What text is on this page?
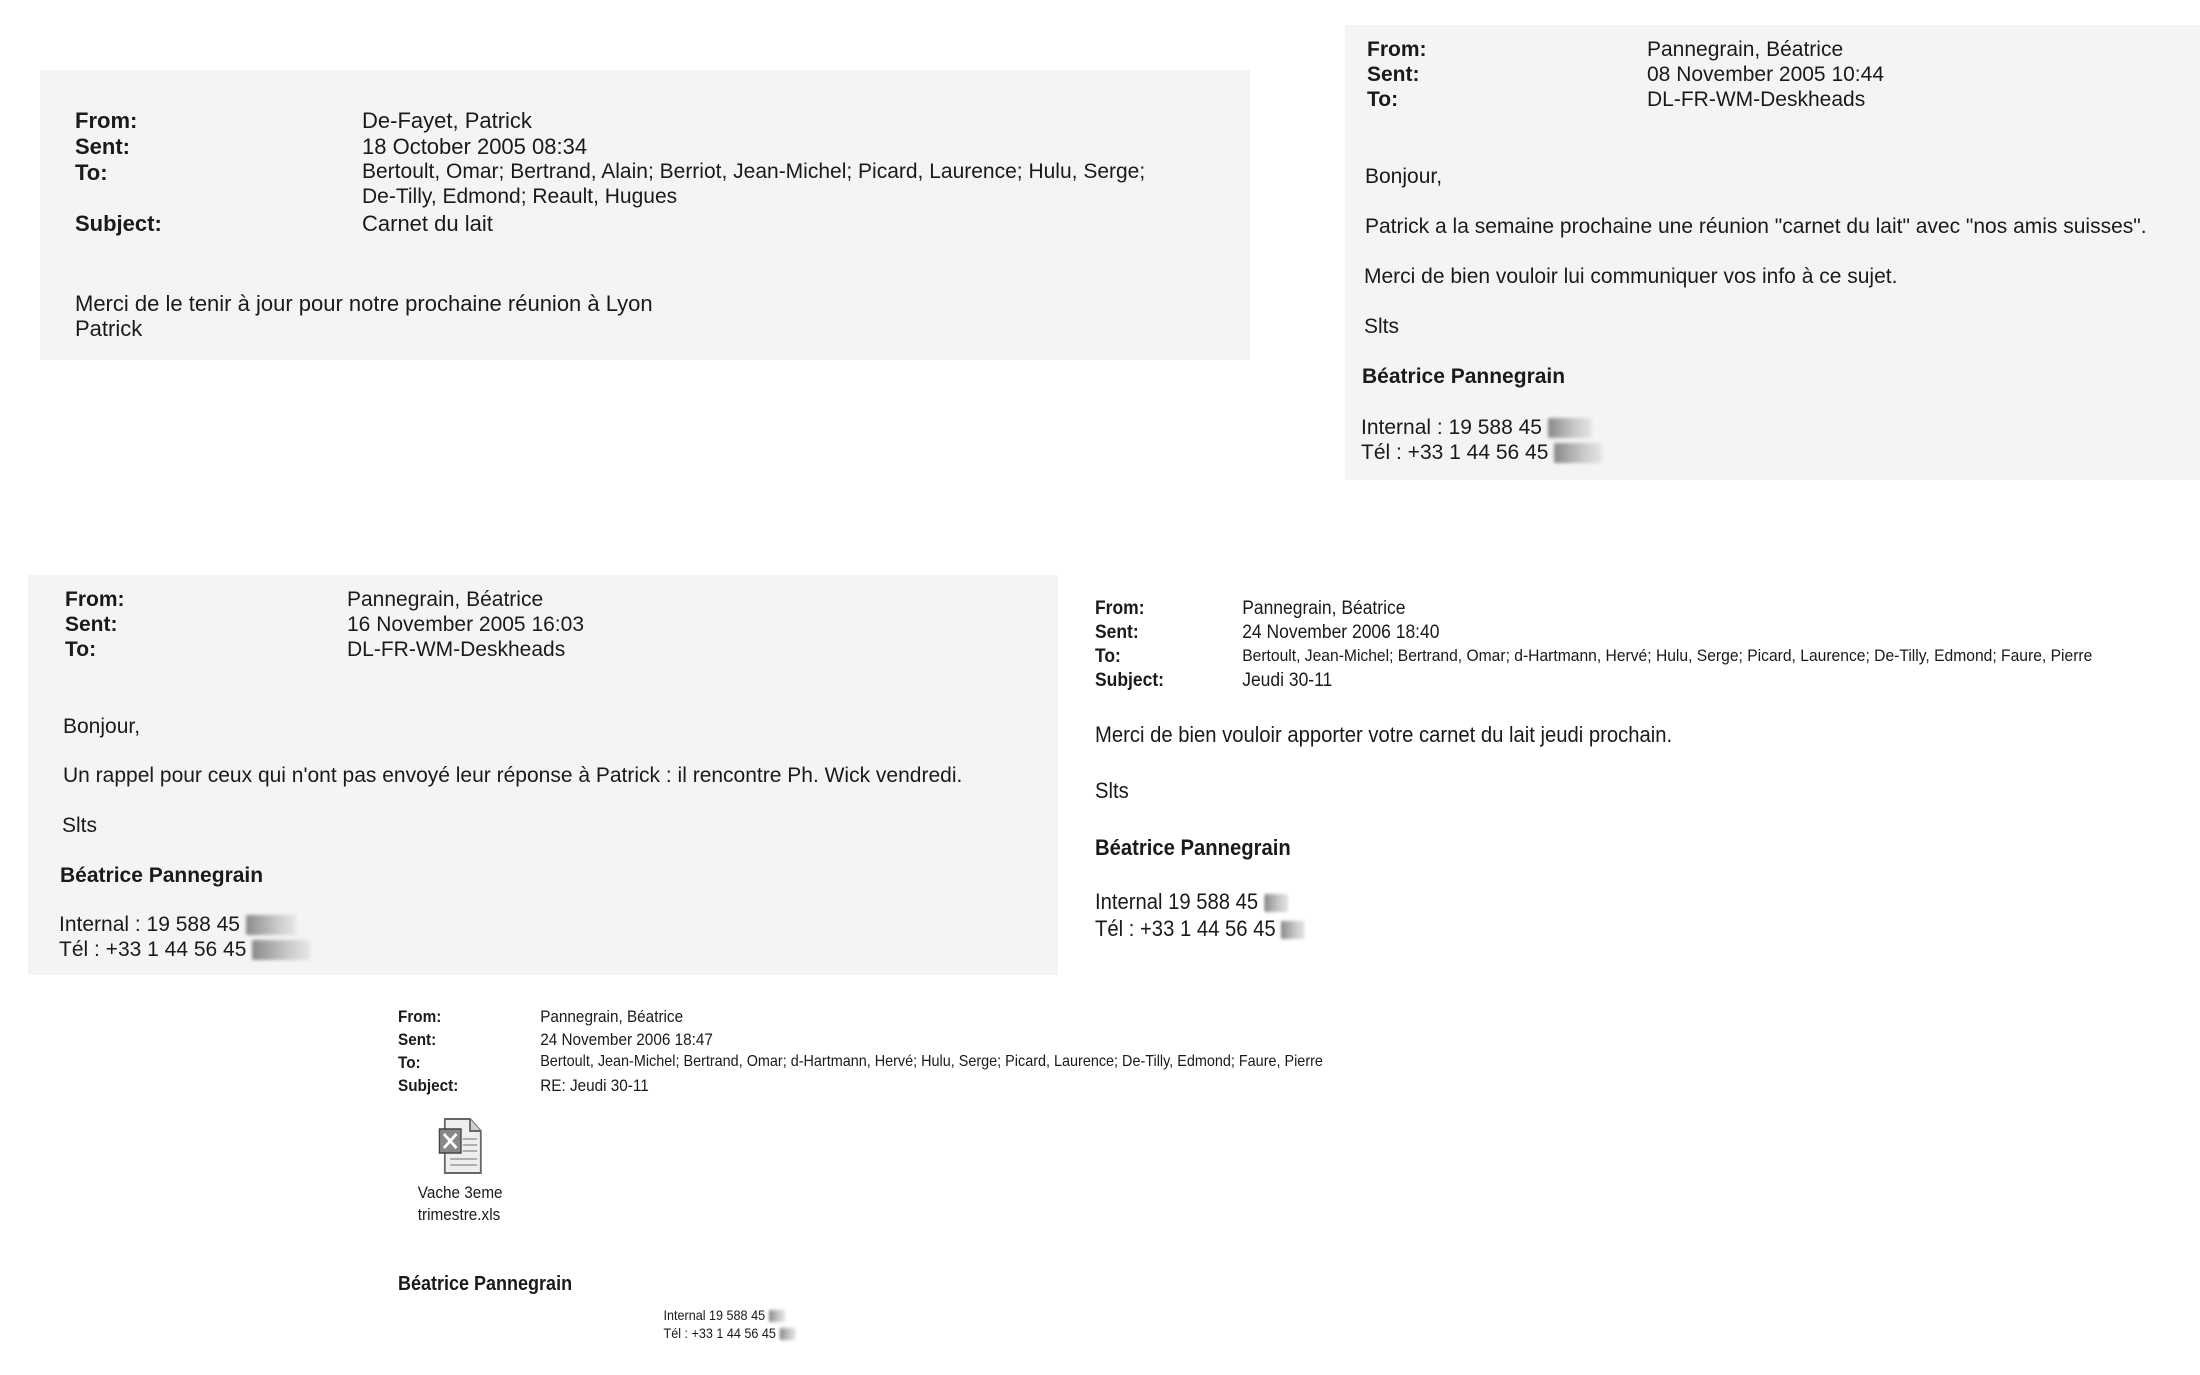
From:	De-Fayet, Patrick
Sent:	18 October 2005 08:34
To:	Bertoult, Omar; Bertrand, Alain; Berriot, Jean-Michel; Picard, Laurence; Hulu, Serge;
De-Tilly, Edmond; Reault, Hugues
Subject:	Carnet du lait
Merci de le tenir à jour pour notre prochaine réunion à Lyon
Patrick
From:	Pannegrain, Béatrice
Sent:	08 November 2005 10:44
To:	DL-FR-WM-Deskheads
Bonjour,
Patrick a la semaine prochaine une réunion "carnet du lait" avec "nos amis suisses".
Merci de bien vouloir lui communiquer vos info à ce sujet.
Slts
Béatrice Pannegrain
Internal : 19 588 45
Tél : +33 1 44 56 45
From:	Pannegrain, Béatrice
Sent:	16 November 2005 16:03
To:	DL-FR-WM-Deskheads
Bonjour,
Un rappel pour ceux qui n'ont pas envoyé leur réponse à Patrick : il rencontre Ph. Wick vendredi.
Slts
Béatrice Pannegrain
Internal : 19 588 45
Tél : +33 1 44 56 45
From:	Pannegrain, Béatrice
Sent:	24 November 2006 18:40
To:	Bertoult, Jean-Michel; Bertrand, Omar; d-Hartmann, Hervé; Hulu, Serge; Picard, Laurence; De-Tilly, Edmond; Faure, Pierre
Subject:	Jeudi 30-11
Merci de bien vouloir apporter votre carnet du lait jeudi prochain.
Slts
Béatrice Pannegrain
Internal 19 588 45
Tél : +33 1 44 56 45
From:	Pannegrain, Béatrice
Sent:	24 November 2006 18:47
To:	Bertoult, Jean-Michel; Bertrand, Omar; d-Hartmann, Hervé; Hulu, Serge; Picard, Laurence; De-Tilly, Edmond; Faure, Pierre
Subject:	RE: Jeudi 30-11
Vache 3eme
trimestre.xls
Béatrice Pannegrain
Internal 19 588 45
Tél : +33 1 44 56 45
